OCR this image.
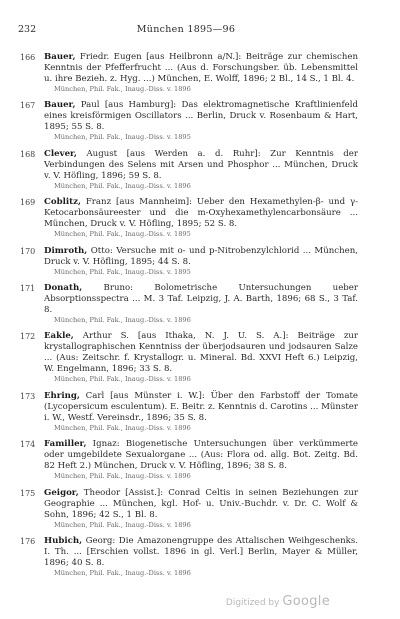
232	München 1895—96
166 Bauer, Friedr. Eugen [aus Heilbronn a/N.]: Beiträge zur chemischen Kenntnis der Pfefferfrucht ... (Aus d. Forschungsber. üb. Lebensmittel u. ihre Bezieh. z. Hyg. ...) München, E. Wolff, 1896; 2 Bl., 14 S., 1 Bl. 4.
München, Phil. Fak., Inaug.-Diss. v. 1896
167 Bauer, Paul [aus Hamburg]: Das elektromagnetische Kraftlinienfeld eines kreisförmigen Oscillators ... Berlin, Druck v. Rosenbaum & Hart, 1895; 55 S. 8.
München, Phil. Fak., Inaug.-Diss. v. 1895
168 Clever, August [aus Werden a. d. Ruhr]: Zur Kenntnis der Verbindungen des Selens mit Arsen und Phosphor ... München, Druck v. V. Höfling, 1896; 59 S. 8.
München, Phil. Fak., Inaug.-Diss. v. 1896
169 Coblitz, Franz [aus Mannheim]: Ueber den Hexamethylen-β- und γ-Ketocarbonsäureester und die m-Oxyhexamethylencarbonsäure ... München, Druck v. V. Höfling, 1895; 52 S. 8.
München, Phil. Fak., Inaug.-Diss. v. 1895
170 Dimroth, Otto: Versuche mit o- und p-Nitrobenzylchlorid ... München, Druck v. V. Höfling, 1895; 44 S. 8.
München, Phil. Fak., Inaug.-Diss. v. 1895
171 Donath, Bruno: Bolometrische Untersuchungen ueber Absorptionsspectra ... M. 3 Taf. Leipzig, J. A. Barth, 1896; 68 S., 3 Taf. 8.
München, Phil. Fak., Inaug.-Diss. v. 1896
172 Eakle, Arthur S. [aus Ithaka, N. J. U. S. A.]: Beiträge zur krystallographischen Kenntniss der überjodsauren und jodsauren Salze ... (Aus: Zeitschr. f. Krystallogr. u. Mineral. Bd. XXVI Heft 6.) Leipzig, W. Engelmann, 1896; 33 S. 8.
München, Phil. Fak., Inaug.-Diss. v. 1896
173 Ehring, Carl [aus Münster i. W.]: Über den Farbstoff der Tomate (Lycopersicum esculentum). E. Beitr. z. Kenntnis d. Carotins ... Münster i. W., Westf. Vereinsdr., 1896; 35 S. 8.
München, Phil. Fak., Inaug.-Diss. v. 1896
174 Familler, Ignaz: Biogenetische Untersuchungen über verkümmerte oder umgebildete Sexualorgane ... (Aus: Flora od. allg. Bot. Zeitg. Bd. 82 Heft 2.) München, Druck v. V. Höfling, 1896; 38 S. 8.
München, Phil. Fak., Inaug.-Diss. v. 1896
175 Geigor, Theodor [Assist.]: Conrad Celtis in seinen Beziehungen zur Geographie ... München, kgl. Hof- u. Univ.-Buchdr. v. Dr. C. Wolf & Sohn, 1896; 42 S., 1 Bl. 8.
München, Phil. Fak., Inaug.-Diss. v. 1896
176 Hubich, Georg: Die Amazonengruppe des Attalischen Weihgeschenks. I. Th. ... [Erschien vollst. 1896 in gl. Verl.] Berlin, Mayer & Müller, 1896; 40 S. 8.
München, Phil. Fak., Inaug.-Diss. v. 1896
Digitized by Google
